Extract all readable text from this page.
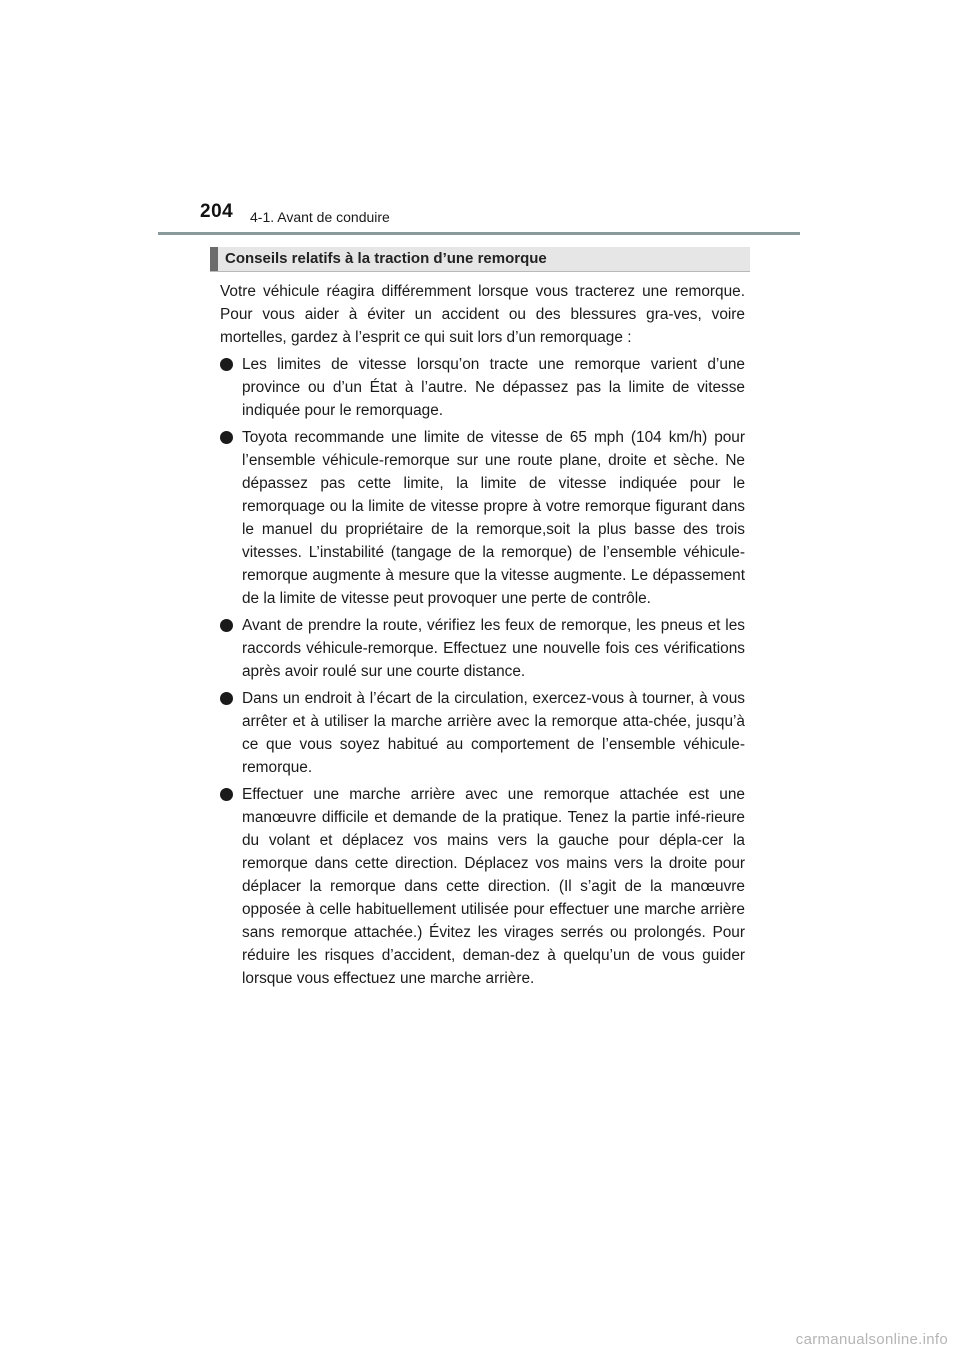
204 4-1. Avant de conduire
Conseils relatifs à la traction d’une remorque

Votre véhicule réagira différemment lorsque vous tracterez une remorque. Pour vous aider à éviter un accident ou des blessures gra-ves, voire mortelles, gardez à l’esprit ce qui suit lors d’un remorquage :

Les limites de vitesse lorsqu’on tracte une remorque varient d’une province ou d’un État à l’autre. Ne dépassez pas la limite de vitesse indiquée pour le remorquage.
Toyota recommande une limite de vitesse de 65 mph (104 km/h) pour l’ensemble véhicule-remorque sur une route plane, droite et sèche. Ne dépassez pas cette limite, la limite de vitesse indiquée pour le remorquage ou la limite de vitesse propre à votre remorque figurant dans le manuel du propriétaire de la remorque,soit la plus basse des trois vitesses. L’instabilité (tangage de la remorque) de l’ensemble véhicule-remorque augmente à mesure que la vitesse augmente. Le dépassement de la limite de vitesse peut provoquer une perte de contrôle.
Avant de prendre la route, vérifiez les feux de remorque, les pneus et les raccords véhicule-remorque. Effectuez une nouvelle fois ces vérifications après avoir roulé sur une courte distance.
Dans un endroit à l’écart de la circulation, exercez-vous à tourner, à vous arrêter et à utiliser la marche arrière avec la remorque atta-chée, jusqu’à ce que vous soyez habitué au comportement de l’ensemble véhicule-remorque.
Effectuer une marche arrière avec une remorque attachée est une manœuvre difficile et demande de la pratique. Tenez la partie infé-rieure du volant et déplacez vos mains vers la gauche pour dépla-cer la remorque dans cette direction. Déplacez vos mains vers la droite pour déplacer la remorque dans cette direction. (Il s’agit de la manœuvre opposée à celle habituellement utilisée pour effectuer une marche arrière sans remorque attachée.) Évitez les virages serrés ou prolongés. Pour réduire les risques d’accident, deman-dez à quelqu’un de vous guider lorsque vous effectuez une marche arrière.
carmanualsonline.info
